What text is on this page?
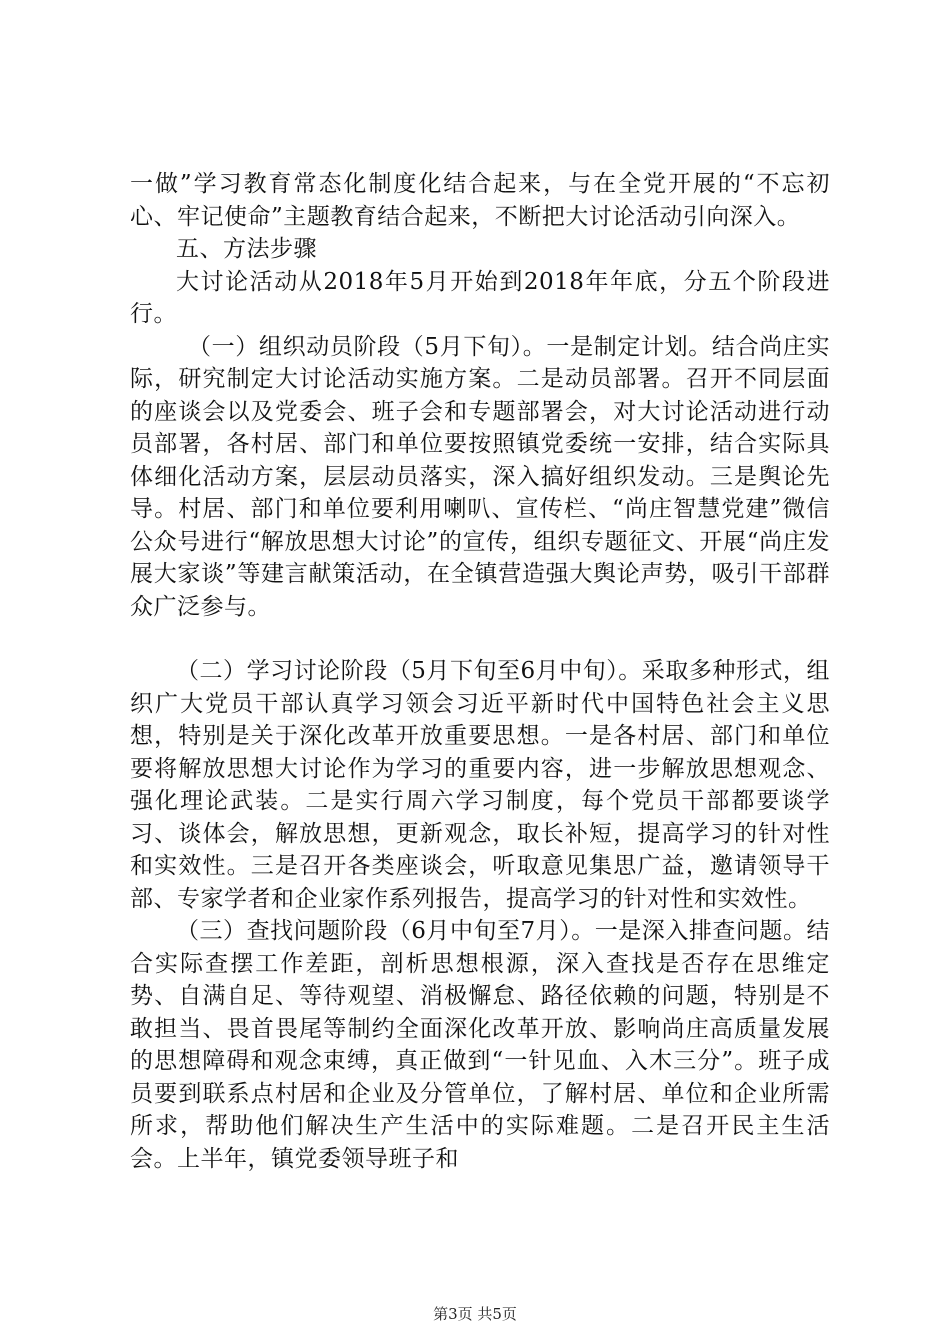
一做”学习教育常态化制度化结合起来，与在全党开展的“不忘初心、牢记使命”主题教育结合起来，不断把大讨论活动引向深入。

五、方法步骤

大讨论活动从2018年5月开始到2018年年底，分五个阶段进行。

（一）组织动员阶段（5月下旬）。一是制定计划。结合尚庄实际，研究制定大讨论活动实施方案。二是动员部署。召开不同层面的座谈会以及党委会、班子会和专题部署会，对大讨论活动进行动员部署，各村居、部门和单位要按照镇党委统一安排，结合实际具体细化活动方案，层层动员落实，深入搞好组织发动。三是舆论先导。村居、部门和单位要利用喇叭、宣传栏、“尚庄智慧党建”微信公众号进行“解放思想大讨论”的宣传，组织专题征文、开展“尚庄发展大家谈”等建言献策活动，在全镇营造强大舆论声势，吸引干部群众广泛参与。

（二）学习讨论阶段（5月下旬至6月中旬）。采取多种形式，组织广大党员干部认真学习领会习近平新时代中国特色社会主义思想，特别是关于深化改革开放重要思想。一是各村居、部门和单位要将解放思想大讨论作为学习的重要内容，进一步解放思想观念、强化理论武装。二是实行周六学习制度，每个党员干部都要谈学习、谈体会，解放思想，更新观念，取长补短，提高学习的针对性和实效性。三是召开各类座谈会，听取意见集思广益，邀请领导干部、专家学者和企业家作系列报告，提高学习的针对性和实效性。

（三）查找问题阶段（6月中旬至7月）。一是深入排查问题。结合实际查摆工作差距，剖析思想根源，深入查找是否存在思维定势、自满自足、等待观望、消极懈怠、路径依赖的问题，特别是不敢担当、畏首畏尾等制约全面深化改革开放、影响尚庄高质量发展的思想障碍和观念束缚，真正做到“一针见血、入木三分”。班子成员要到联系点村居和企业及分管单位，了解村居、单位和企业所需所求，帮助他们解决生产生活中的实际难题。二是召开民主生活会。上半年，镇党委领导班子和

第3页 共5页
